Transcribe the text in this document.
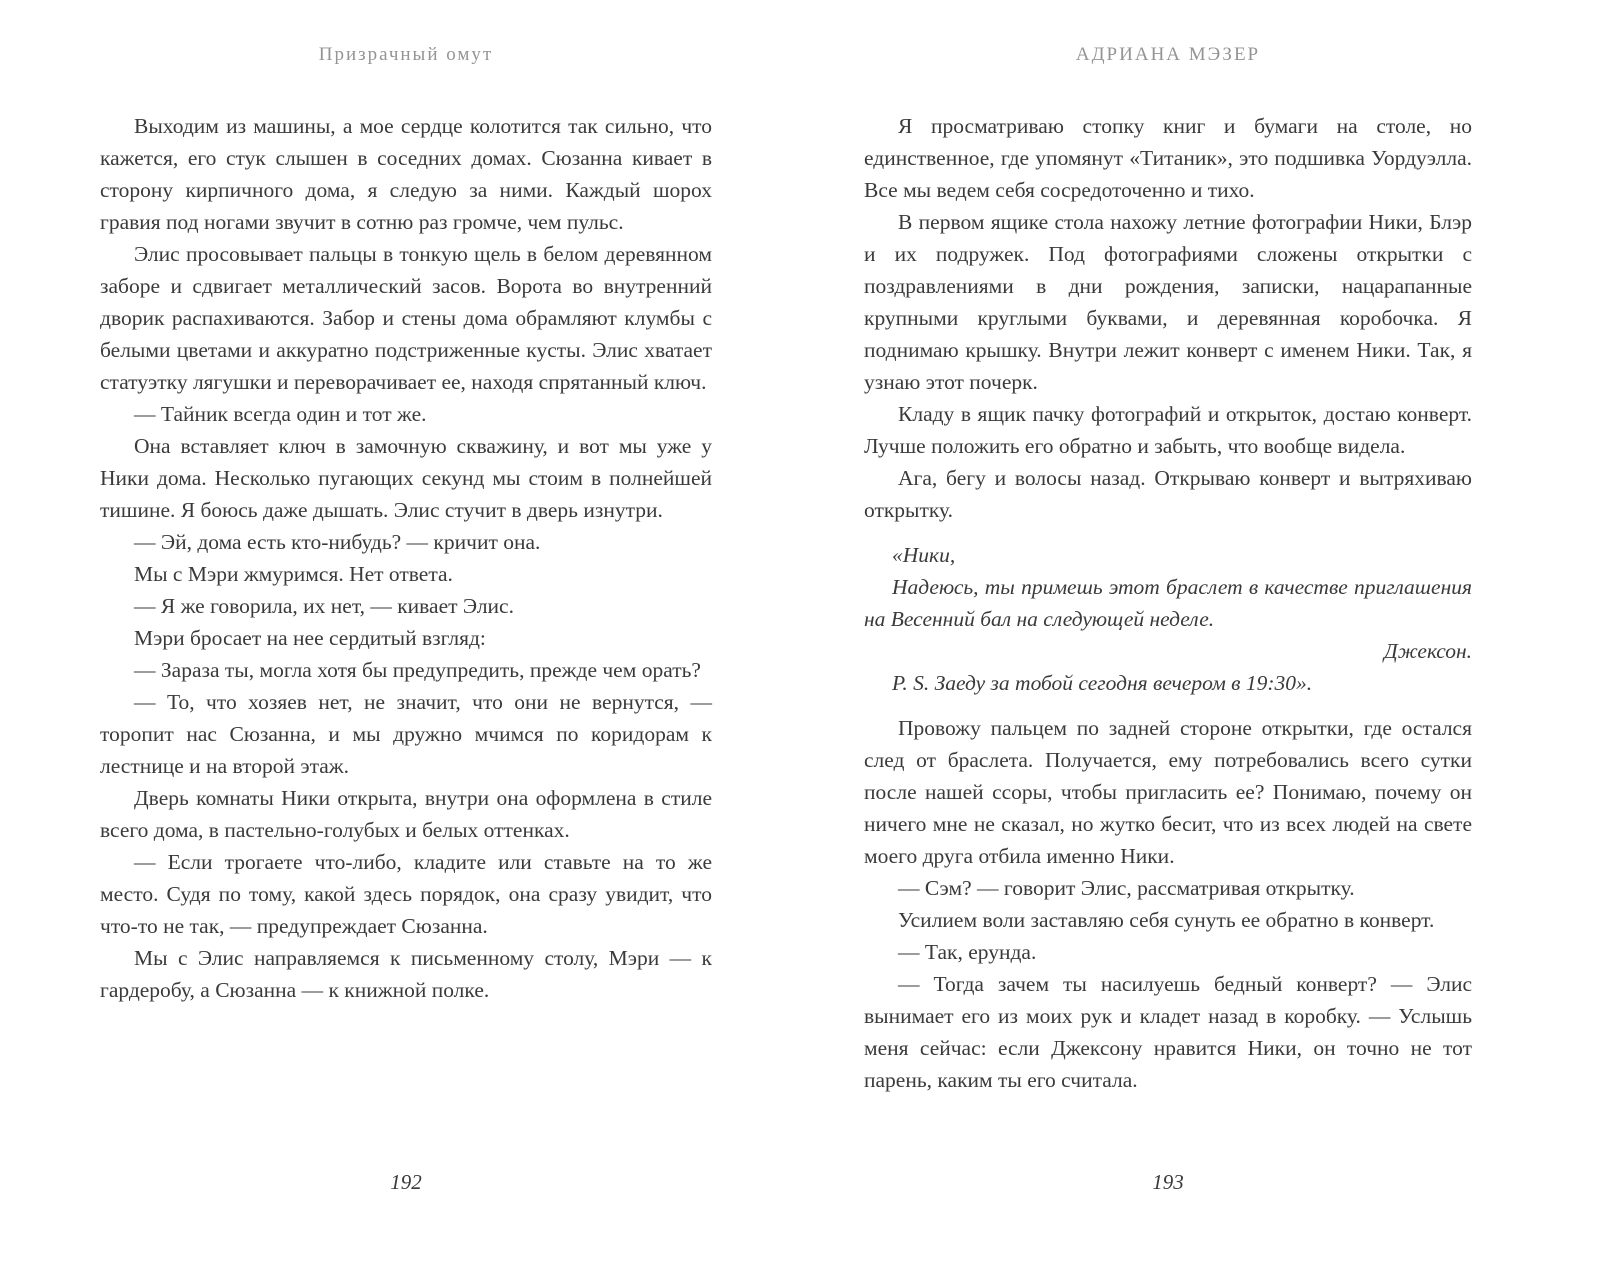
Призрачный омут

Выходим из машины, а мое сердце колотится так сильно, что кажется, его стук слышен в соседних домах. Сюзанна кивает в сторону кирпичного дома, я следую за ними. Каждый шорох гравия под ногами звучит в сотню раз громче, чем пульс.

Элис просовывает пальцы в тонкую щель в белом деревянном заборе и сдвигает металлический засов. Ворота во внутренний дворик распахиваются. Забор и стены дома обрамляют клумбы с белыми цветами и аккуратно подстриженные кусты. Элис хватает статуэтку лягушки и переворачивает ее, находя спрятанный ключ.

— Тайник всегда один и тот же.

Она вставляет ключ в замочную скважину, и вот мы уже у Ники дома. Несколько пугающих секунд мы стоим в полнейшей тишине. Я боюсь даже дышать. Элис стучит в дверь изнутри.

— Эй, дома есть кто-нибудь? — кричит она.

Мы с Мэри жмуримся. Нет ответа.

— Я же говорила, их нет, — кивает Элис.

Мэри бросает на нее сердитый взгляд:

— Зараза ты, могла хотя бы предупредить, прежде чем орать?

— То, что хозяев нет, не значит, что они не вернутся, — торопит нас Сюзанна, и мы дружно мчимся по коридорам к лестнице и на второй этаж.

Дверь комнаты Ники открыта, внутри она оформлена в стиле всего дома, в пастельно-голубых и белых оттенках.

— Если трогаете что-либо, кладите или ставьте на то же место. Судя по тому, какой здесь порядок, она сразу увидит, что что-то не так, — предупреждает Сюзанна.

Мы с Элис направляемся к письменному столу, Мэри — к гардеробу, а Сюзанна — к книжной полке.

192
АДРИАНА МЭЗЕР

Я просматриваю стопку книг и бумаги на столе, но единственное, где упомянут «Титаник», это подшивка Уордуэлла. Все мы ведем себя сосредоточенно и тихо.

В первом ящике стола нахожу летние фотографии Ники, Блэр и их подружек. Под фотографиями сложены открытки с поздравлениями в дни рождения, записки, нацарапанные крупными круглыми буквами, и деревянная коробочка. Я поднимаю крышку. Внутри лежит конверт с именем Ники. Так, я узнаю этот почерк.

Кладу в ящик пачку фотографий и открыток, достаю конверт. Лучше положить его обратно и забыть, что вообще видела.

Ага, бегу и волосы назад. Открываю конверт и вытряхиваю открытку.

«Ники,

Надеюсь, ты примешь этот браслет в качестве приглашения на Весенний бал на следующей неделе.

Джексон.

P. S. Заеду за тобой сегодня вечером в 19:30».

Провожу пальцем по задней стороне открытки, где остался след от браслета. Получается, ему потребовались всего сутки после нашей ссоры, чтобы пригласить ее? Понимаю, почему он ничего мне не сказал, но жутко бесит, что из всех людей на свете моего друга отбила именно Ники.

— Сэм? — говорит Элис, рассматривая открытку.

Усилием воли заставляю себя сунуть ее обратно в конверт.

— Так, ерунда.

— Тогда зачем ты насилуешь бедный конверт? — Элис вынимает его из моих рук и кладет назад в коробку. — Услышь меня сейчас: если Джексону нравится Ники, он точно не тот парень, каким ты его считала.

193
